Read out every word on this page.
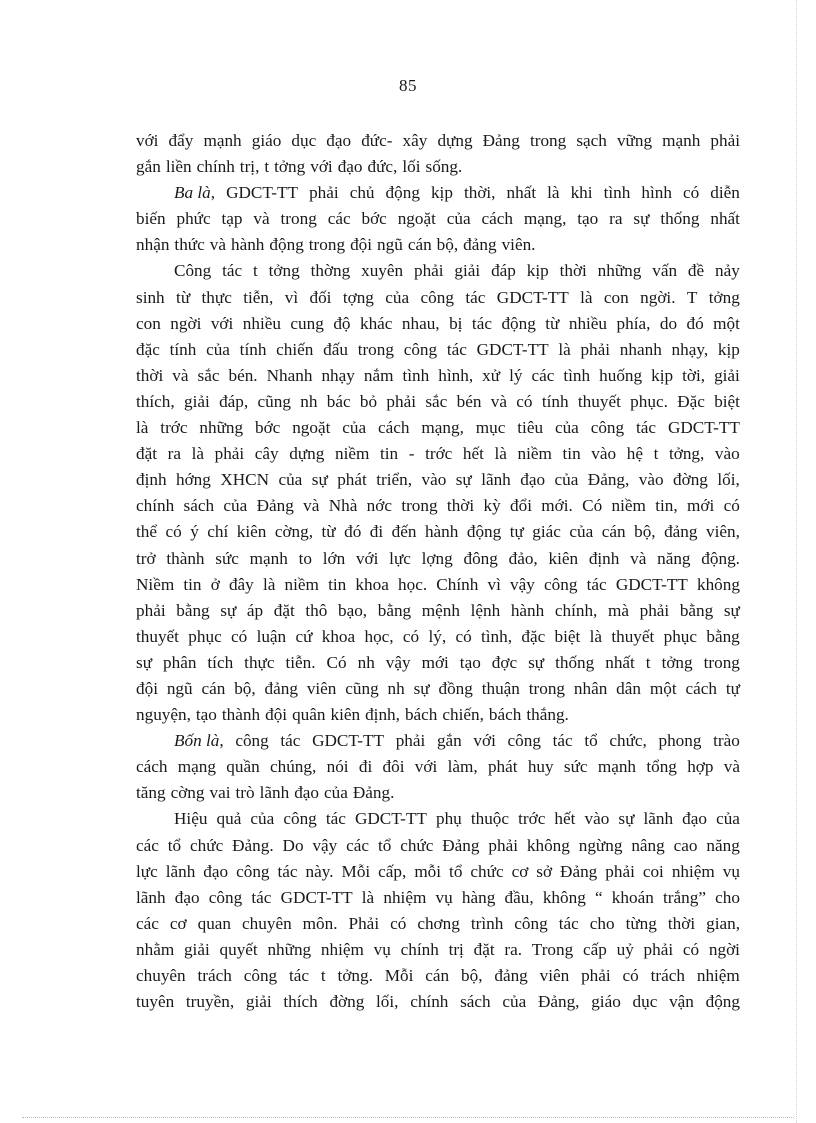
85
với đẩy mạnh giáo dục đạo đức- xây dựng Đảng trong sạch vững mạnh phải
gắn liền chính trị, t tởng với đạo đức, lối sống.
Ba là, GDCT-TT phải chủ động kịp thời, nhất là khi tình hình có diễn
biến phức tạp và trong các bớc ngoặt của cách mạng, tạo ra sự thống nhất
nhận thức và hành động trong đội ngũ cán bộ, đảng viên.
Công tác t tởng thờng xuyên phải giải đáp kịp thời những vấn đề nảy
sinh từ thực tiễn, vì đối tợng của công tác GDCT-TT là con ngời. T tởng
con ngời với nhiều cung độ khác nhau, bị tác động từ nhiều phía, do đó một
đặc tính của tính chiến đấu trong công tác GDCT-TT là phải nhanh nhạy, kịp
thời và sắc bén. Nhanh nhạy nắm tình hình, xử lý các tình huống kịp tời, giải
thích, giải đáp, cũng nh bác bỏ phải sắc bén và có tính thuyết phục. Đặc biệt
là trớc những bớc ngoặt của cách mạng, mục tiêu của công tác GDCT-TT
đặt ra là phải cây dựng niềm tin - trớc hết là niềm tin vào hệ t tởng, vào
định hớng XHCN của sự phát triển, vào sự lãnh đạo của Đảng, vào đờng lối,
chính sách của Đảng và Nhà nớc trong thời kỳ đổi mới. Có niềm tin, mới có
thể có ý chí kiên cờng, từ đó đi đến hành động tự giác của cán bộ, đảng viên,
trở thành sức mạnh to lớn với lực lợng đông đảo, kiên định và năng động.
Niềm tin ở đây là niềm tin khoa học. Chính vì vậy công tác GDCT-TT không
phải bằng sự áp đặt thô bạo, bằng mệnh lệnh hành chính, mà phải bằng sự
thuyết phục có luận cứ khoa học, có lý, có tình, đặc biệt là thuyết phục bằng
sự phân tích thực tiễn. Có nh vậy mới tạo đợc sự thống nhất t tởng trong
đội ngũ cán bộ, đảng viên cũng nh sự đồng thuận trong nhân dân một cách tự
nguyện, tạo thành đội quân kiên định, bách chiến, bách thắng.
Bốn là, công tác GDCT-TT phải gắn với công tác tổ chức, phong trào
cách mạng quần chúng, nói đi đôi với làm, phát huy sức mạnh tổng hợp và
tăng cờng vai trò lãnh đạo của Đảng.
Hiệu quả của công tác GDCT-TT phụ thuộc trớc hết vào sự lãnh đạo của
các tổ chức Đảng. Do vậy các tổ chức Đảng phải không ngừng nâng cao năng
lực lãnh đạo công tác này. Mỗi cấp, mỗi tổ chức cơ sở Đảng phải coi nhiệm vụ
lãnh đạo công tác GDCT-TT là nhiệm vụ hàng đầu, không “ khoán trắng” cho
các cơ quan chuyên môn. Phải có chơng trình công tác cho từng thời gian,
nhằm giải quyết những nhiệm vụ chính trị đặt ra. Trong cấp uỷ phải có ngời
chuyên trách công tác t tởng. Mỗi cán bộ, đảng viên phải có trách nhiệm
tuyên truyền, giải thích đờng lối, chính sách của Đảng, giáo dục vận động
